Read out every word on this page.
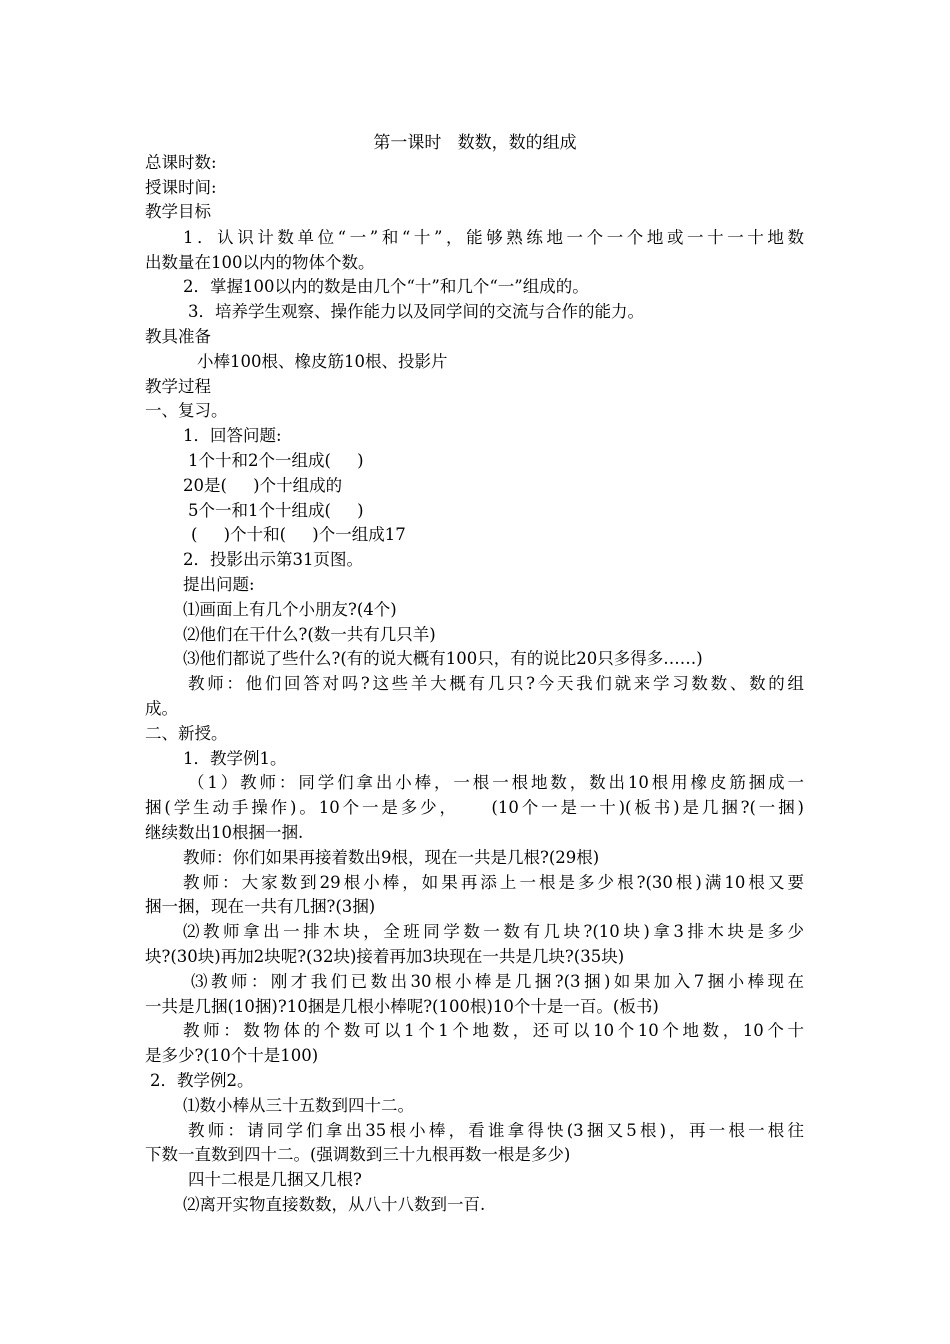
第一课时   数数，数的组成
总课时数:
授课时间:
教学目标
1．认识计数单位“一”和“十”，能够熟练地一个一个地或一十一十地数
出数量在100以内的物体个数。
2．掌握100以内的数是由几个“十”和几个“一”组成的。
3．培养学生观察、操作能力以及同学间的交流与合作的能力。
教具准备
小棒100根、橡皮筋10根、投影片
教学过程
一、复习。
1．回答问题:
1个十和2个一组成(     )
20是(     )个十组成的
5个一和1个十组成(     )
(     )个十和(     )个一组成17
2．投影出示第31页图。
提出问题:
⑴画面上有几个小朋友?(4个)
⑵他们在干什么?(数一共有几只羊)
⑶他们都说了些什么?(有的说大概有100只，有的说比20只多得多……)
教师：他们回答对吗?这些羊大概有几只?今天我们就来学习数数、数的组
成。
二、新授。
1．教学例1。
（1）教师：同学们拿出小棒，一根一根地数，数出10根用橡皮筋捆成一
捆(学生动手操作)。10个一是多少，    (10个一是一十)(板书)是几捆?(一捆)
继续数出10根捆一捆.
教师：你们如果再接着数出9根，现在一共是几根?(29根)
教师：大家数到29根小棒，如果再添上一根是多少根?(30根)满10根又要
捆一捆，现在一共有几捆?(3捆)
⑵教师拿出一排木块，全班同学数一数有几块?(10块)拿3排木块是多少
块?(30块)再加2块呢?(32块)接着再加3块现在一共是几块?(35块)
⑶教师：刚才我们已数出30根小棒是几捆?(3捆)如果加入7捆小棒现在
一共是几捆(10捆)?10捆是几根小棒呢?(100根)10个十是一百。(板书)
教师：数物体的个数可以1个1个地数，还可以10个10个地数，10个十
是多少?(10个十是100)
2．教学例2。
⑴数小棒从三十五数到四十二。
教师：请同学们拿出35根小棒，看谁拿得快(3捆又5根)，再一根一根往
下数一直数到四十二。(强调数到三十九根再数一根是多少)
四十二根是几捆又几根?
⑵离开实物直接数数，从八十八数到一百.
